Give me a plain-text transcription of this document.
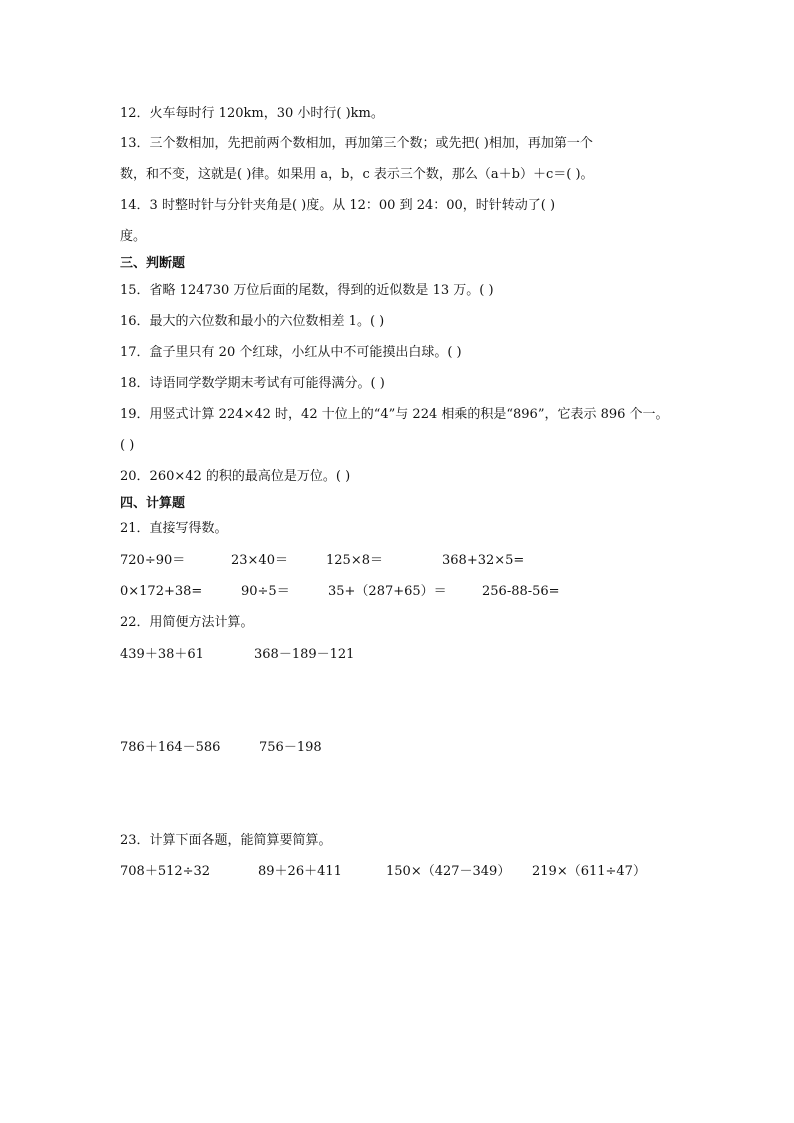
12．火车每时行 120km，30 小时行( )km。
13．三个数相加，先把前两个数相加，再加第三个数；或先把( )相加，再加第一个
数，和不变，这就是( )律。如果用 a，b，c 表示三个数，那么（a＋b）＋c＝( )。
14．3 时整时针与分针夹角是( )度。从 12：00 到 24：00，时针转动了( )
度。
三、判断题
15．省略 124730 万位后面的尾数，得到的近似数是 13 万。( )
16．最大的六位数和最小的六位数相差 1。( )
17．盒子里只有 20 个红球，小红从中不可能摸出白球。( )
18．诗语同学数学期末考试有可能得满分。( )
19．用竖式计算 224×42 时，42 十位上的“4”与 224 相乘的积是“896”，它表示 896 个一。
( )
20．260×42 的积的最高位是万位。( )
四、计算题
21．直接写得数。
720÷90＝	23×40＝	125×8＝	368+32×5=
0×172+38=	90÷5＝	35+（287+65）＝	256-88-56=
22．用简便方法计算。
439＋38＋61	368－189－121
786＋164－586	756－198
23．计算下面各题，能简算要简算。
708＋512÷32	89＋26＋411	150×（427－349） 219×（611÷47）
